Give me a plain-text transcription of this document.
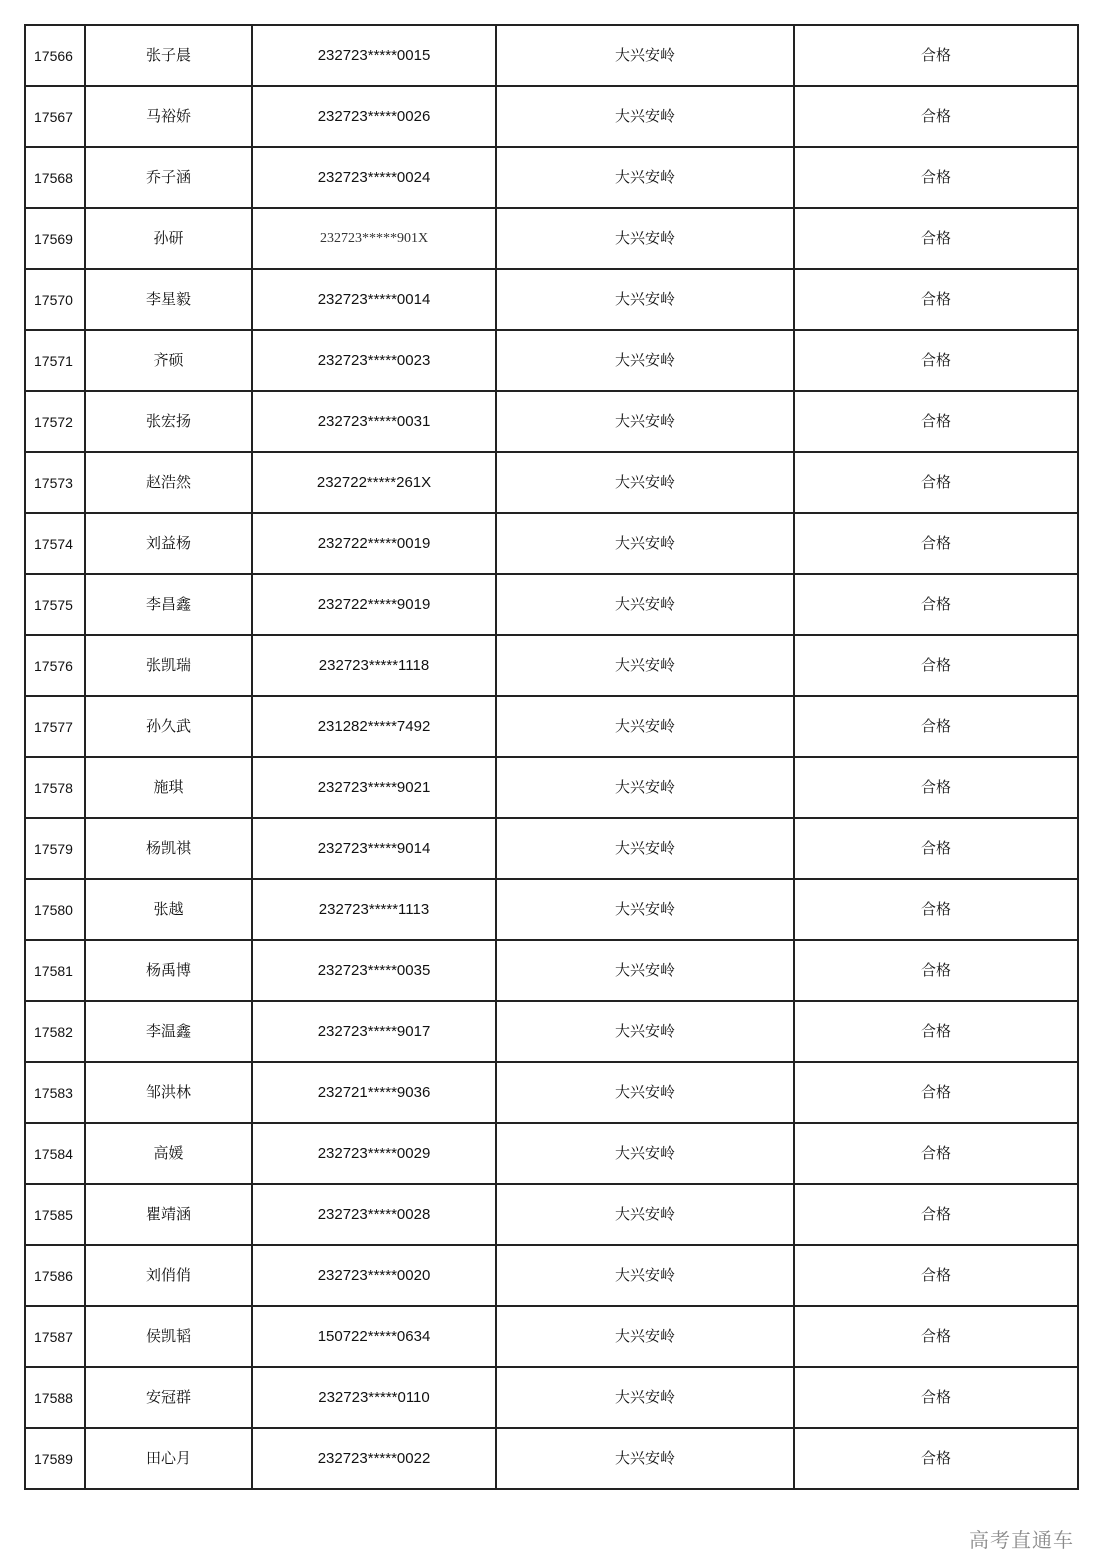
17566	张子晨	232723*****0015	大兴安岭	合格
17567	马裕娇	232723*****0026	大兴安岭	合格
17568	乔子涵	232723*****0024	大兴安岭	合格
17569	孙研	232723*****901X	大兴安岭	合格
17570	李星毅	232723*****0014	大兴安岭	合格
17571	齐硕	232723*****0023	大兴安岭	合格
17572	张宏扬	232723*****0031	大兴安岭	合格
17573	赵浩然	232722*****261X	大兴安岭	合格
17574	刘益杨	232722*****0019	大兴安岭	合格
17575	李昌鑫	232722*****9019	大兴安岭	合格
17576	张凯瑞	232723*****1118	大兴安岭	合格
17577	孙久武	231282*****7492	大兴安岭	合格
17578	施琪	232723*****9021	大兴安岭	合格
17579	杨凯祺	232723*****9014	大兴安岭	合格
17580	张越	232723*****1113	大兴安岭	合格
17581	杨禹博	232723*****0035	大兴安岭	合格
17582	李温鑫	232723*****9017	大兴安岭	合格
17583	邹洪林	232721*****9036	大兴安岭	合格
17584	高媛	232723*****0029	大兴安岭	合格
17585	瞿靖涵	232723*****0028	大兴安岭	合格
17586	刘俏俏	232723*****0020	大兴安岭	合格
17587	侯凯韬	150722*****0634	大兴安岭	合格
17588	安冠群	232723*****0110	大兴安岭	合格
17589	田心月	232723*****0022	大兴安岭	合格
高考直通车
